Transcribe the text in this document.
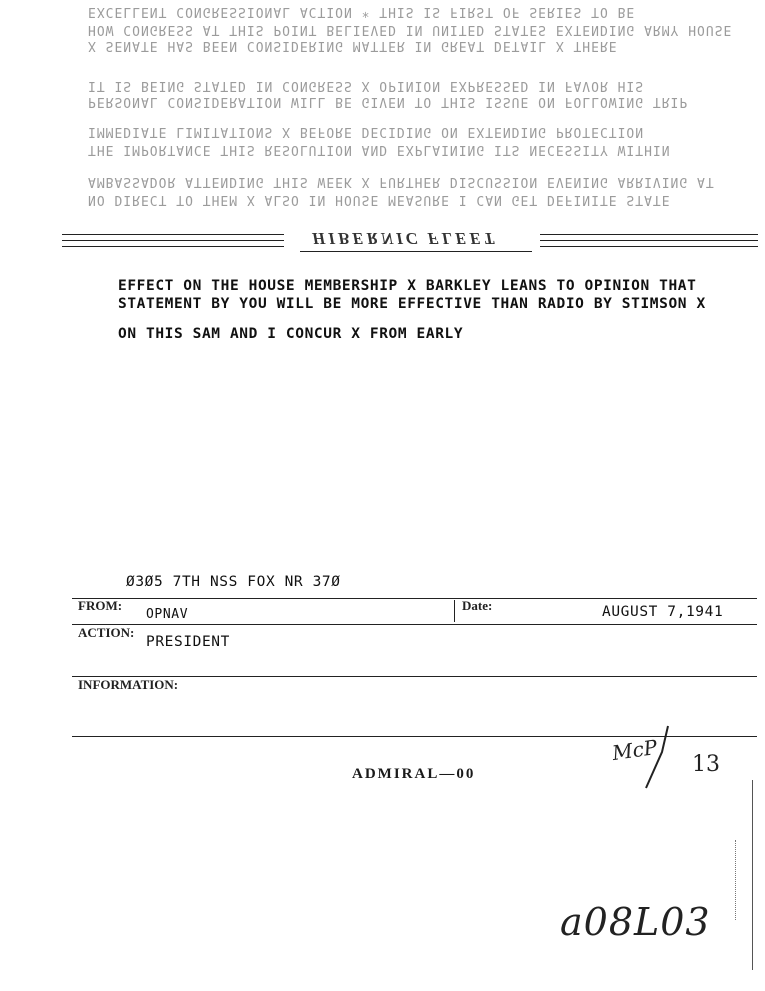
EXCELLENT CONGRESSIONAL ACTION * THIS IS FIRST OF SERIES TO BE
HOW CONGRESS AT THIS POINT BELIEVED IN UNITED STATES EXTENDING ARMY HOUSE
X SENATE HAS BEEN CONSIDERING MATTER IN GREAT DETAIL X THERE
IT IS BEING STATED IN CONGRESS X OPINION EXPRESSED IN FAVOR HIS
PERSONAL CONSIDERATION WILL BE GIVEN TO THIS ISSUE ON FOLLOWING TRIP
IMMEDIATE LIMITATIONS X BEFORE DECIDING ON EXTENDING PROTECTION
THE IMPORTANCE THIS RESOLUTION AND EXPLAINING ITS NECESSITY WITHIN
AMBASSADOR ATTENDING THIS WEEK X FURTHER DISCUSSION EVENING ARRIVING AT
NO DIRECT TO THEM X ALSO IN HOUSE MEASURE I CAN GET DEFINITE STATE
HIBERNIC FLEET
EFFECT ON THE HOUSE MEMBERSHIP X BARKLEY LEANS TO OPINION THAT
STATEMENT BY YOU WILL BE MORE EFFECTIVE THAN RADIO BY STIMSON X
ON THIS SAM AND I CONCUR X FROM EARLY
Ø3Ø5 7TH NSS FOX NR 37Ø
FROM:
OPNAV
Date:	AUGUST 7,1941
ACTION:
PRESIDENT
INFORMATION:
ADMIRAL—00
McP 13
a08L03
